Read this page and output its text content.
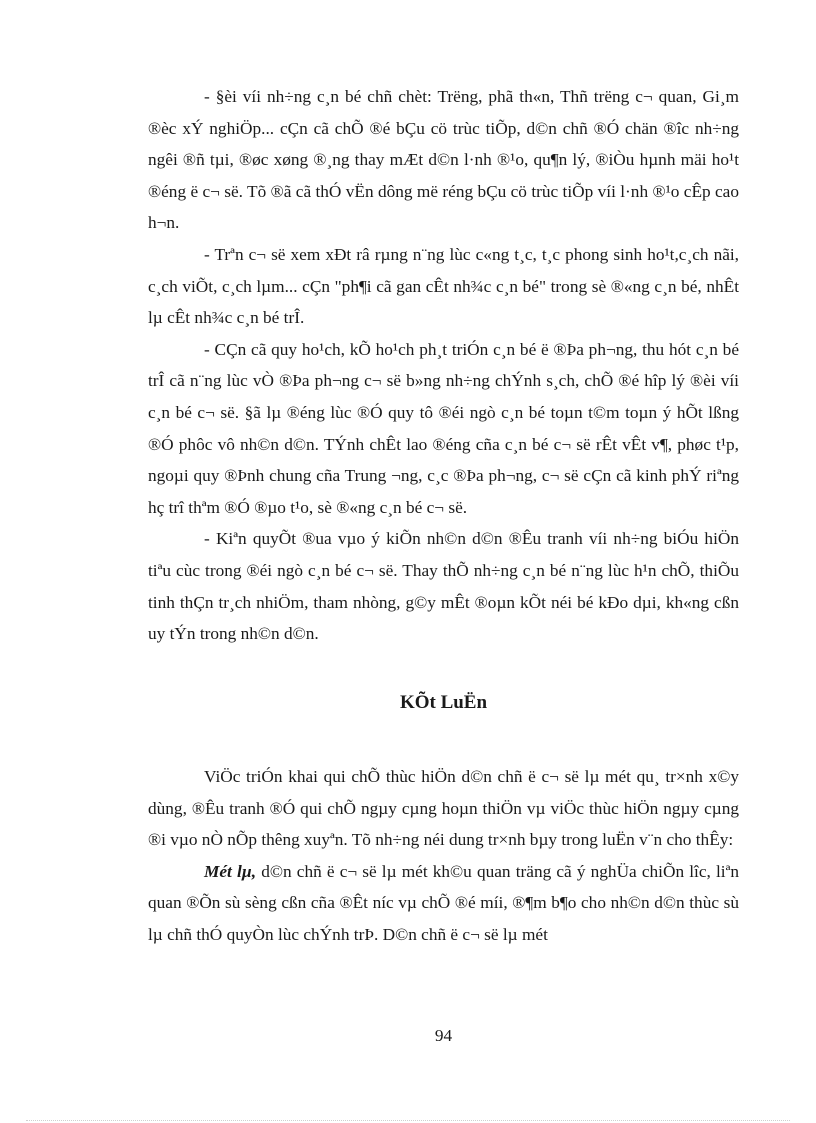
- §èi víi nh÷ng c¸n bé chñ chèt: Trëng, phã th«n, Thñ trëng c¬ quan, Gi¸m ®èc xÝ nghiÖp... cÇn cã chÕ ®é bÇu cö trùc tiÕp, d©n chñ ®Ó chän ®îc nh÷ng ngêi ®ñ tµi, ®øc xøng ®¸ng thay mÆt d©n l·nh ®¹o, qu¶n lý, ®iÒu hµnh mäi ho¹t ®éng ë c¬ së. Tõ ®ã cã thÓ vËn dông më réng bÇu cö trùc tiÕp víi l·nh ®¹o cÊp cao h¬n.

- Trªn c¬ së xem xÐt râ rµng n¨ng lùc c«ng t¸c, t¸c phong sinh ho¹t,c¸ch nãi, c¸ch viÕt, c¸ch lµm... cÇn "ph¶i cã gan cÊt nh¾c c¸n bé" trong sè ®«ng c¸n bé, nhÊt lµ cÊt nh¾c c¸n bé trÎ.

- CÇn cã quy ho¹ch, kÕ ho¹ch ph¸t triÓn c¸n bé ë ®Þa ph¬ng, thu hót c¸n bé trÎ cã n¨ng lùc vÒ ®Þa ph¬ng c¬ së b»ng nh÷ng chÝnh s¸ch, chÕ ®é hîp lý ®èi víi c¸n bé c¬ së. §ã lµ ®éng lùc ®Ó quy tô ®éi ngò c¸n bé toµn t©m toµn ý hÕt lßng ®Ó phôc vô nh©n d©n. TÝnh chÊt lao ®éng cña c¸n bé c¬ së rÊt vÊt v¶, phøc t¹p, ngoµi quy ®Þnh chung cña Trung ¬ng, c¸c ®Þa ph¬ng, c¬ së cÇn cã kinh phÝ riªng hç trî thªm ®Ó ®µo t¹o, sè ®«ng c¸n bé c¬ së.

- Kiªn quyÕt ®ua vµo ý kiÕn nh©n d©n ®Êu tranh víi nh÷ng biÓu hiÖn tiªu cùc trong ®éi ngò c¸n bé c¬ së. Thay thÕ nh÷ng c¸n bé n¨ng lùc h¹n chÕ, thiÕu tinh thÇn tr¸ch nhiÖm, tham nhòng, g©y mÊt ®oµn kÕt néi bé kÐo dµi, kh«ng cßn uy tÝn trong nh©n d©n.

KÕt LuËn

ViÖc triÓn khai qui chÕ thùc hiÖn d©n chñ ë c¬ së lµ mét qu¸ tr×nh x©y dùng, ®Êu tranh ®Ó qui chÕ ngµy cµng hoµn thiÖn vµ viÖc thùc hiÖn ngµy cµng ®i vµo nÒ nÕp thêng xuyªn. Tõ nh÷ng néi dung tr×nh bµy trong luËn v¨n cho thÊy:

Mét lµ, d©n chñ ë c¬ së lµ mét kh©u quan träng cã ý nghÜa chiÕn lîc, liªn quan ®Õn sù sèng cßn cña ®Êt níc vµ chÕ ®é míi, ®¶m b¶o cho nh©n d©n thùc sù lµ chñ thÓ quyÒn lùc chÝnh trÞ. D©n chñ ë c¬ së lµ mét

94
